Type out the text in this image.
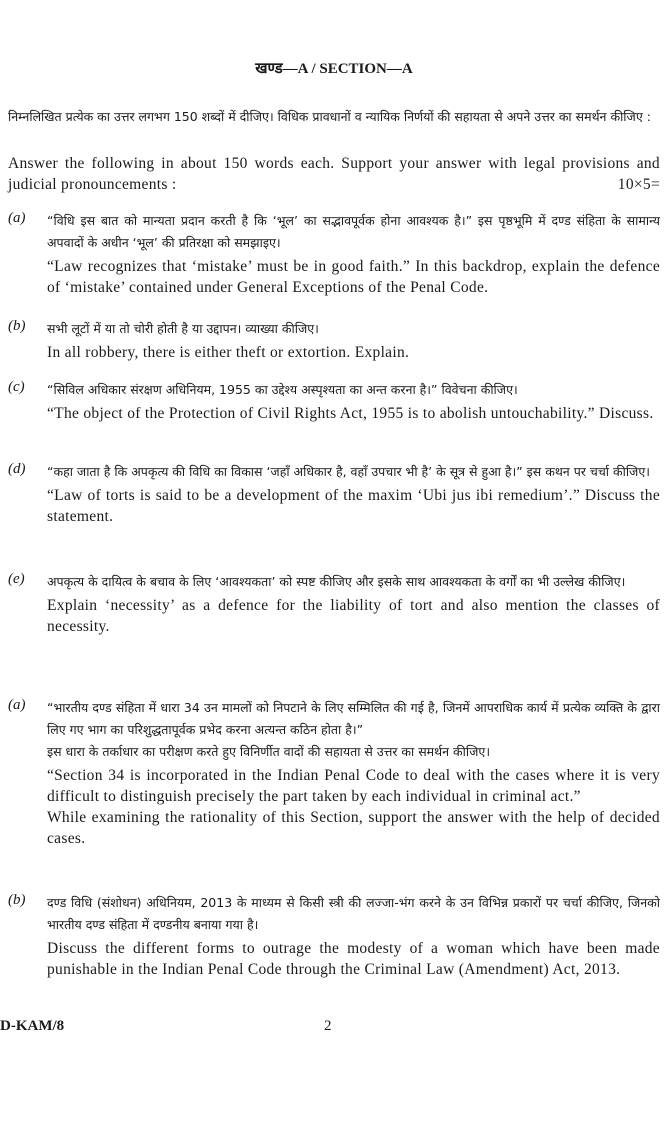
खण्ड—A / SECTION—A
निम्नलिखित प्रत्येक का उत्तर लगभग 150 शब्दों में दीजिए। विधिक प्रावधानों व न्यायिक निर्णयों की सहायता से अपने उत्तर का समर्थन कीजिए :
Answer the following in about 150 words each. Support your answer with legal provisions and judicial pronouncements :	10×5=
(a) “विधि इस बात को मान्यता प्रदान करती है कि ‘भूल’ का सद्भावपूर्वक होना आवश्यक है।” इस पृष्ठभूमि में दण्ड संहिता के सामान्य अपवादों के अधीन ‘भूल’ की प्रतिरक्षा को समझाइए।
“Law recognizes that ‘mistake’ must be in good faith.” In this backdrop, explain the defence of ‘mistake’ contained under General Exceptions of the Penal Code.
(b) सभी लूटों में या तो चोरी होती है या उद्दापन। व्याख्या कीजिए।
In all robbery, there is either theft or extortion. Explain.
(c) “सिविल अधिकार संरक्षण अधिनियम, 1955 का उद्देश्य अस्पृश्यता का अन्त करना है।” विवेचना कीजिए।
“The object of the Protection of Civil Rights Act, 1955 is to abolish untouchability.” Discuss.
(d) “कहा जाता है कि अपकृत्य की विधि का विकास ‘जहाँ अधिकार है, वहाँ उपचार भी है’ के सूत्र से हुआ है।” इस कथन पर चर्चा कीजिए।
“Law of torts is said to be a development of the maxim ‘Ubi jus ibi remedium’.” Discuss the statement.
(e) अपकृत्य के दायित्व के बचाव के लिए ‘आवश्यकता’ को स्पष्ट कीजिए और इसके साथ आवश्यकता के वर्गों का भी उल्लेख कीजिए।
Explain ‘necessity’ as a defence for the liability of tort and also mention the classes of necessity.
(a) “भारतीय दण्ड संहिता में धारा 34 उन मामलों को निपटाने के लिए सम्मिलित की गई है, जिनमें आपराधिक कार्य में प्रत्येक व्यक्ति के द्वारा लिए गए भाग का परिशुद्धतापूर्वक प्रभेद करना अत्यन्त कठिन होता है।”
इस धारा के तर्काधार का परीक्षण करते हुए विनिर्णीत वादों की सहायता से उत्तर का समर्थन कीजिए।
“Section 34 is incorporated in the Indian Penal Code to deal with the cases where it is very difficult to distinguish precisely the part taken by each individual in criminal act.”
While examining the rationality of this Section, support the answer with the help of decided cases.
(b) दण्ड विधि (संशोधन) अधिनियम, 2013 के माध्यम से किसी स्त्री की लज्जा-भंग करने के उन विभिन्न प्रकारों पर चर्चा कीजिए, जिनको भारतीय दण्ड संहिता में दण्डनीय बनाया गया है।
Discuss the different forms to outrage the modesty of a woman which have been made punishable in the Indian Penal Code through the Criminal Law (Amendment) Act, 2013.
D-KAM/8	2
